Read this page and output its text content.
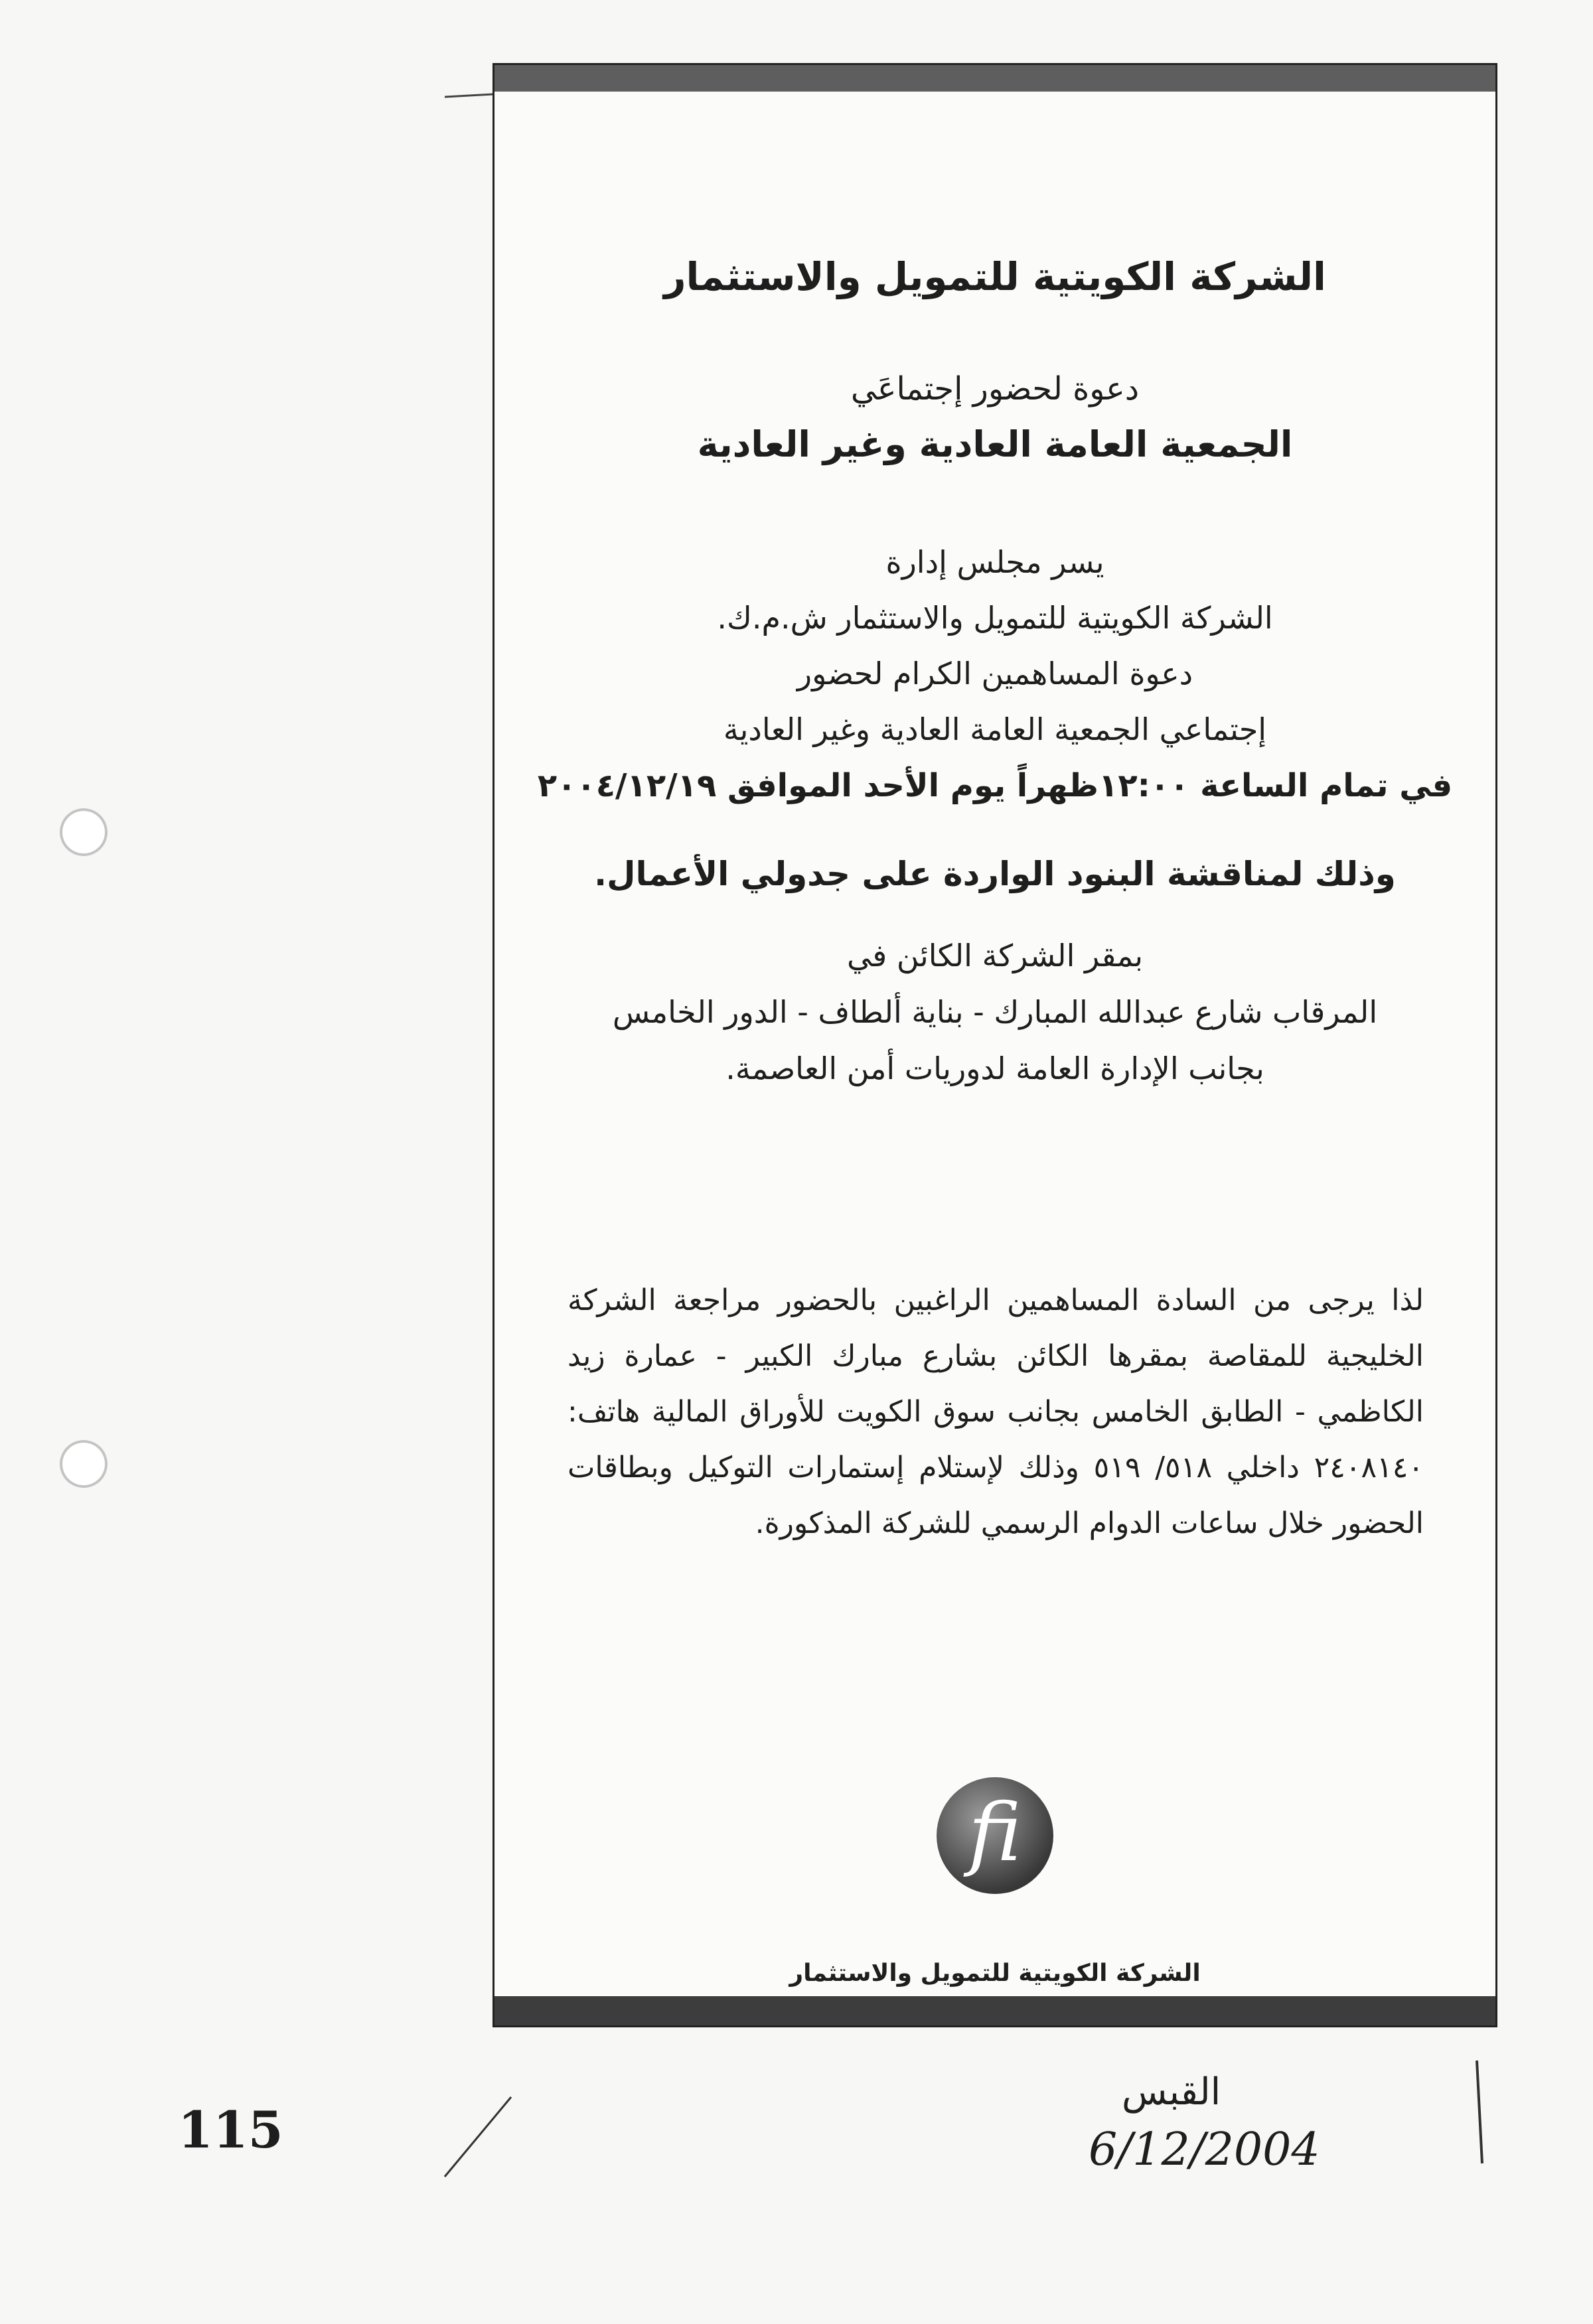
الشركة الكويتية للتمويل والاستثمار
دعوة لحضور إجتماعَي
الجمعية العامة العادية وغير العادية
يسر مجلس إدارة
الشركة الكويتية للتمويل والاستثمار ش.م.ك.
دعوة المساهمين الكرام لحضور
إجتماعي الجمعية العامة العادية وغير العادية
في تمام الساعة ١٢:٠٠ظهراً يوم الأحد الموافق ٢٠٠٤/١٢/١٩
وذلك لمناقشة البنود الواردة على جدولي الأعمال.
بمقر الشركة الكائن في
المرقاب شارع عبدالله المبارك - بناية ألطاف - الدور الخامس
بجانب الإدارة العامة لدوريات أمن العاصمة.
لذا يرجى من السادة المساهمين الراغبين بالحضور مراجعة الشركة الخليجية للمقاصة بمقرها الكائن بشارع مبارك الكبير - عمارة زيد الكاظمي - الطابق الخامس بجانب سوق الكويت للأوراق المالية هاتف: ٢٤٠٨١٤٠ داخلي ٥١٨/ ٥١٩ وذلك لإستلام إستمارات التوكيل وبطاقات الحضور خلال ساعات الدوام الرسمي للشركة المذكورة.
fi
الشركة الكويتية للتمويل والاستثمار
115
القبس
6/12/2004
